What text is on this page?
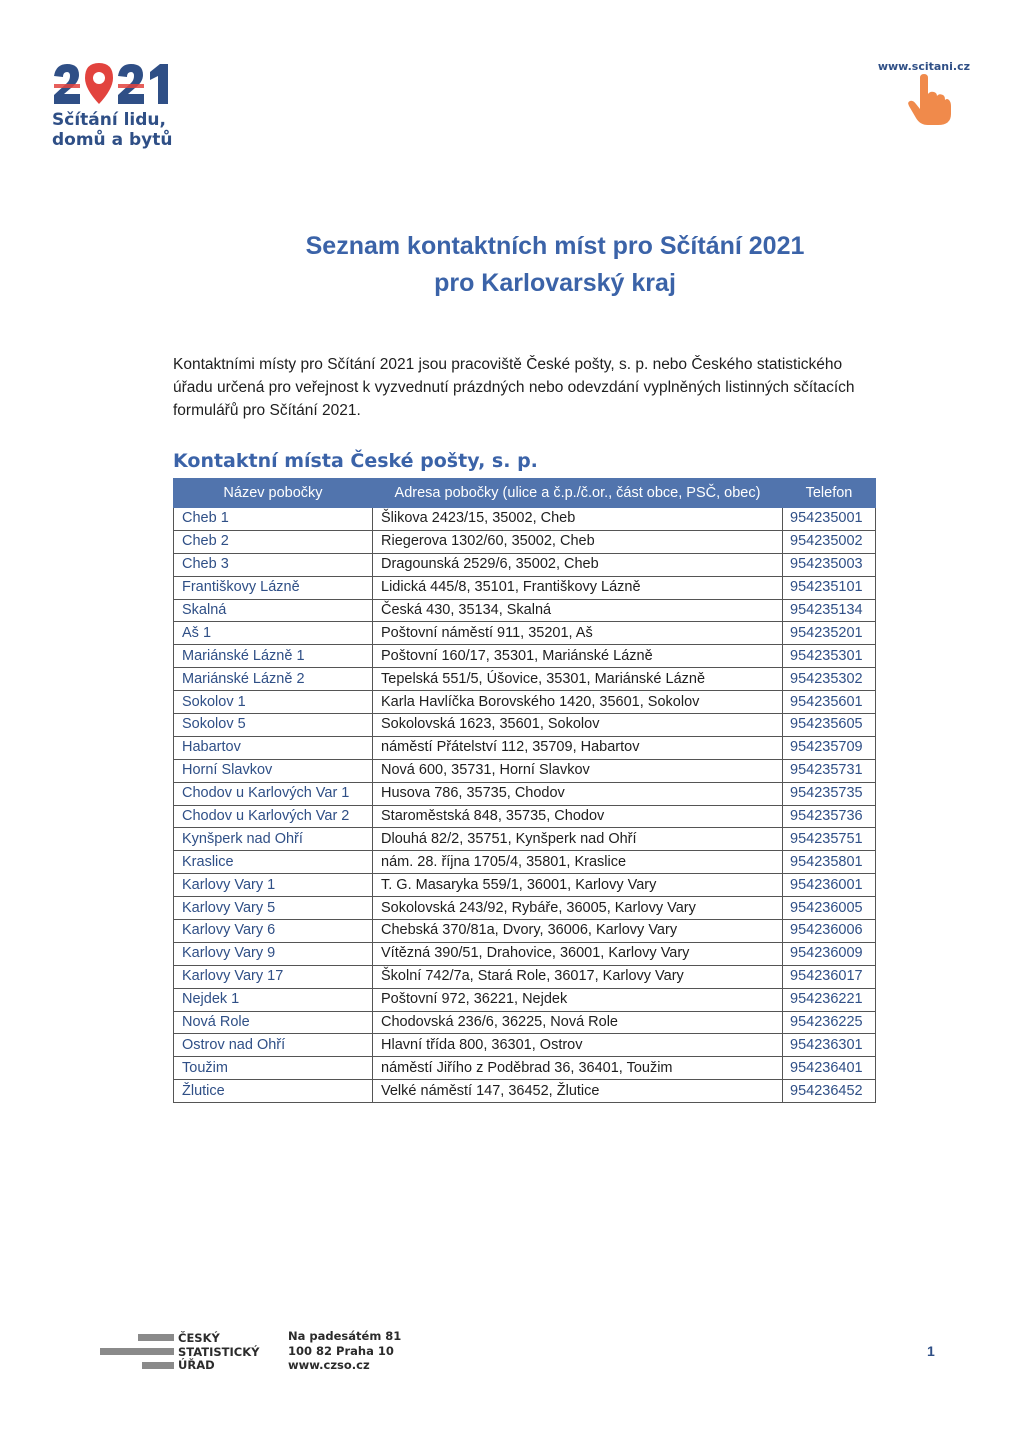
Sčítání lidu,
domů a bytů
www.scitani.cz
Seznam kontaktních míst pro Sčítání 2021
pro Karlovarský kraj
Kontaktními místy pro Sčítání 2021 jsou pracoviště České pošty, s. p. nebo Českého statistického úřadu určená pro veřejnost k vyzvednutí prázdných nebo odevzdání vyplněných listinných sčítacích formulářů pro Sčítání 2021.
Kontaktní místa České pošty, s. p.
Název pobočky	Adresa pobočky (ulice a č.p./č.or., část obce, PSČ, obec)	Telefon
Cheb 1	Šlikova 2423/15, 35002, Cheb	954235001
Cheb 2	Riegerova 1302/60, 35002, Cheb	954235002
Cheb 3	Dragounská 2529/6, 35002, Cheb	954235003
Františkovy Lázně	Lidická 445/8, 35101, Františkovy Lázně	954235101
Skalná	Česká 430, 35134, Skalná	954235134
Aš 1	Poštovní náměstí 911, 35201, Aš	954235201
Mariánské Lázně 1	Poštovní 160/17, 35301, Mariánské Lázně	954235301
Mariánské Lázně 2	Tepelská 551/5, Úšovice, 35301, Mariánské Lázně	954235302
Sokolov 1	Karla Havlíčka Borovského 1420, 35601, Sokolov	954235601
Sokolov 5	Sokolovská 1623, 35601, Sokolov	954235605
Habartov	náměstí Přátelství 112, 35709, Habartov	954235709
Horní Slavkov	Nová 600, 35731, Horní Slavkov	954235731
Chodov u Karlových Var 1	Husova 786, 35735, Chodov	954235735
Chodov u Karlových Var 2	Staroměstská 848, 35735, Chodov	954235736
Kynšperk nad Ohří	Dlouhá 82/2, 35751, Kynšperk nad Ohří	954235751
Kraslice	nám. 28. října 1705/4, 35801, Kraslice	954235801
Karlovy Vary 1	T. G. Masaryka 559/1, 36001, Karlovy Vary	954236001
Karlovy Vary 5	Sokolovská 243/92, Rybáře, 36005, Karlovy Vary	954236005
Karlovy Vary 6	Chebská 370/81a, Dvory, 36006, Karlovy Vary	954236006
Karlovy Vary 9	Vítězná 390/51, Drahovice, 36001, Karlovy Vary	954236009
Karlovy Vary 17	Školní 742/7a, Stará Role, 36017, Karlovy Vary	954236017
Nejdek 1	Poštovní 972, 36221, Nejdek	954236221
Nová Role	Chodovská 236/6, 36225, Nová Role	954236225
Ostrov nad Ohří	Hlavní třída 800, 36301, Ostrov	954236301
Toužim	náměstí Jiřího z Poděbrad 36, 36401, Toužim	954236401
Žlutice	Velké náměstí 147, 36452, Žlutice	954236452
ČESKÝ
STATISTICKÝ
ÚŘAD
Na padesátém 81
100 82 Praha 10
www.czso.cz
1
